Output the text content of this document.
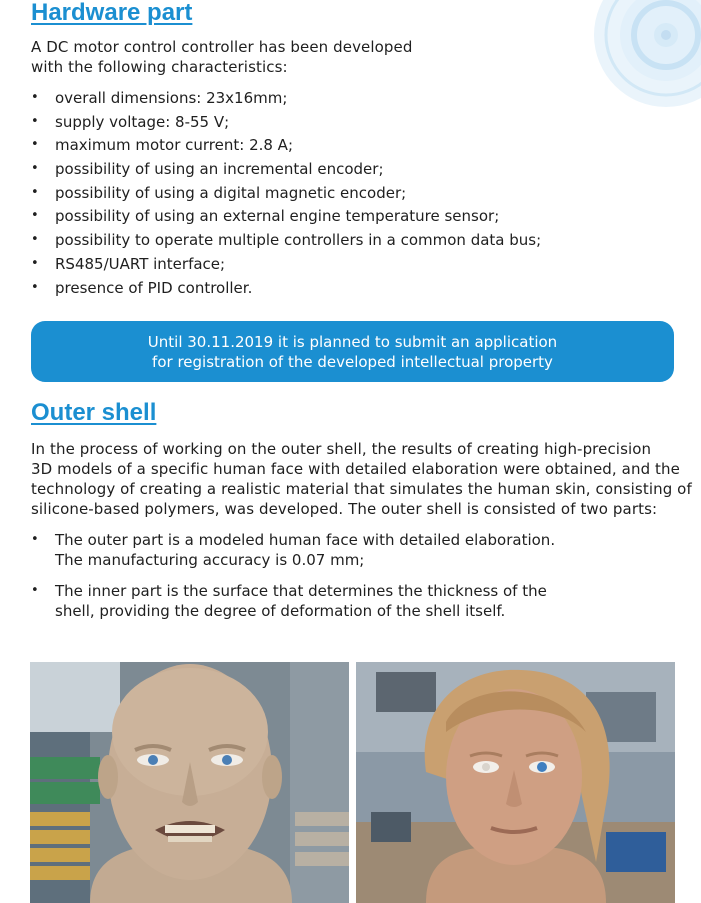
Hardware part

A DC motor control controller has been developed
with the following characteristics:

• overall dimensions: 23x16mm;
• supply voltage: 8-55 V;
• maximum motor current: 2.8 A;
• possibility of using an incremental encoder;
• possibility of using a digital magnetic encoder;
• possibility of using an external engine temperature sensor;
• possibility to operate multiple controllers in a common data bus;
• RS485/UART interface;
• presence of PID controller.
Until 30.11.2019 it is planned to submit an application
for registration of the developed intellectual property
Outer shell

In the process of working on the outer shell, the results of creating high-precision
3D models of a specific human face with detailed elaboration were obtained, and the
technology of creating a realistic material that simulates the human skin, consisting of
silicone-based polymers, was developed. The outer shell is consisted of two parts:

• The outer part is a modeled human face with detailed elaboration.
The manufacturing accuracy is 0.07 mm;
• The inner part is the surface that determines the thickness of the
shell, providing the degree of deformation of the shell itself.
